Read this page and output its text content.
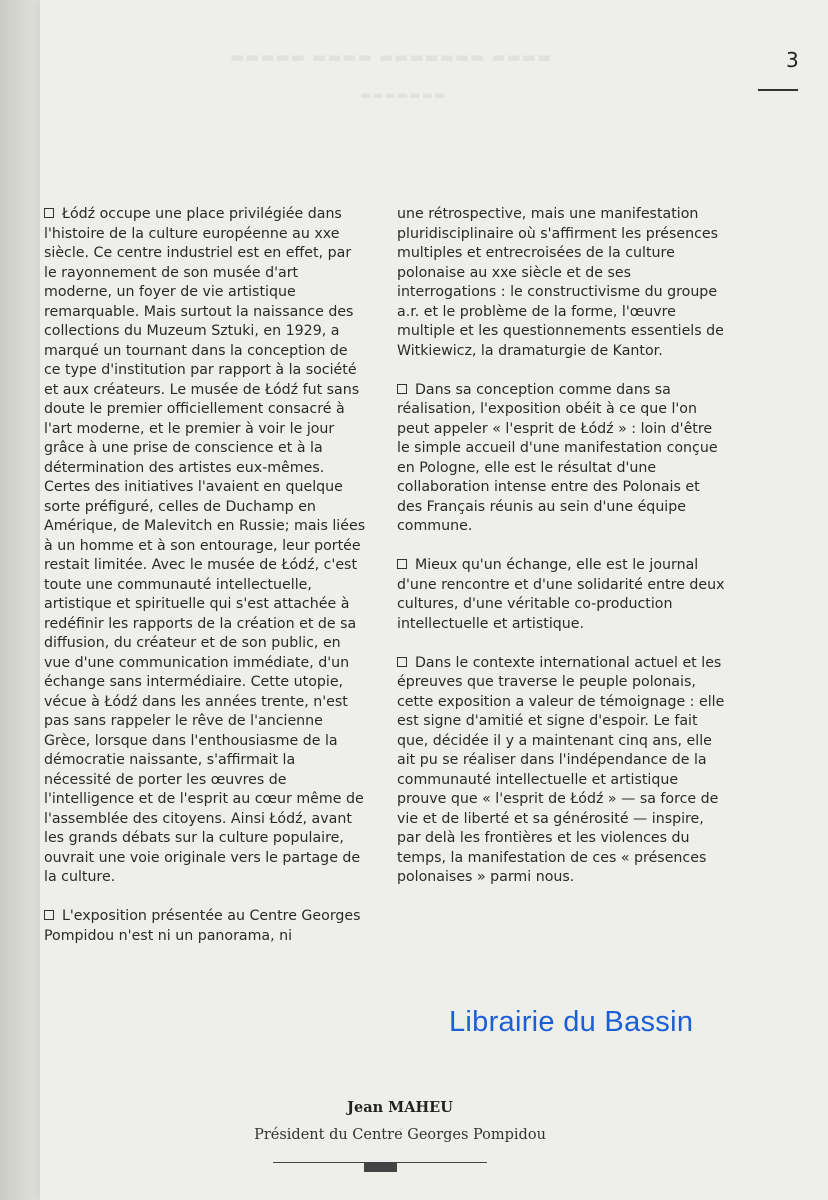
▬▬▬▬▬ ▬▬▬▬ ▬▬▬▬▬▬▬ ▬▬▬▬
▬▬▬▬▬▬▬
3

Łódź occupe une place privilégiée dans l'histoire de la culture européenne au xxe siècle. Ce centre industriel est en effet, par le rayonnement de son musée d'art moderne, un foyer de vie artistique remarquable. Mais surtout la naissance des collections du Muzeum Sztuki, en 1929, a marqué un tournant dans la conception de ce type d'institution par rapport à la société et aux créateurs. Le musée de Łódź fut sans doute le premier officiellement consacré à l'art moderne, et le premier à voir le jour grâce à une prise de conscience et à la détermination des artistes eux-mêmes. Certes des initiatives l'avaient en quelque sorte préfiguré, celles de Duchamp en Amérique, de Malevitch en Russie; mais liées à un homme et à son entourage, leur portée restait limitée. Avec le musée de Łódź, c'est toute une communauté intellectuelle, artistique et spirituelle qui s'est attachée à redéfinir les rapports de la création et de sa diffusion, du créateur et de son public, en vue d'une communication immédiate, d'un échange sans intermédiaire. Cette utopie, vécue à Łódź dans les années trente, n'est pas sans rappeler le rêve de l'ancienne Grèce, lorsque dans l'enthousiasme de la démocratie naissante, s'affirmait la nécessité de porter les œuvres de l'intelligence et de l'esprit au cœur même de l'assemblée des citoyens. Ainsi Łódź, avant les grands débats sur la culture populaire, ouvrait une voie originale vers le partage de la culture.

L'exposition présentée au Centre Georges Pompidou n'est ni un panorama, ni

une rétrospective, mais une manifestation pluridisciplinaire où s'affirment les présences multiples et entrecroisées de la culture polonaise au xxe siècle et de ses interrogations : le constructivisme du groupe a.r. et le problème de la forme, l'œuvre multiple et les questionnements essentiels de Witkiewicz, la dramaturgie de Kantor.

Dans sa conception comme dans sa réalisation, l'exposition obéit à ce que l'on peut appeler « l'esprit de Łódź » : loin d'être le simple accueil d'une manifestation conçue en Pologne, elle est le résultat d'une collaboration intense entre des Polonais et des Français réunis au sein d'une équipe commune.

Mieux qu'un échange, elle est le journal d'une rencontre et d'une solidarité entre deux cultures, d'une véritable co-production intellectuelle et artistique.

Dans le contexte international actuel et les épreuves que traverse le peuple polonais, cette exposition a valeur de témoignage : elle est signe d'amitié et signe d'espoir. Le fait que, décidée il y a maintenant cinq ans, elle ait pu se réaliser dans l'indépendance de la communauté intellectuelle et artistique prouve que « l'esprit de Łódź » — sa force de vie et de liberté et sa générosité — inspire, par delà les frontières et les violences du temps, la manifestation de ces « présences polonaises » parmi nous.

Librairie du Bassin
Jean MAHEU
Président du Centre Georges Pompidou
